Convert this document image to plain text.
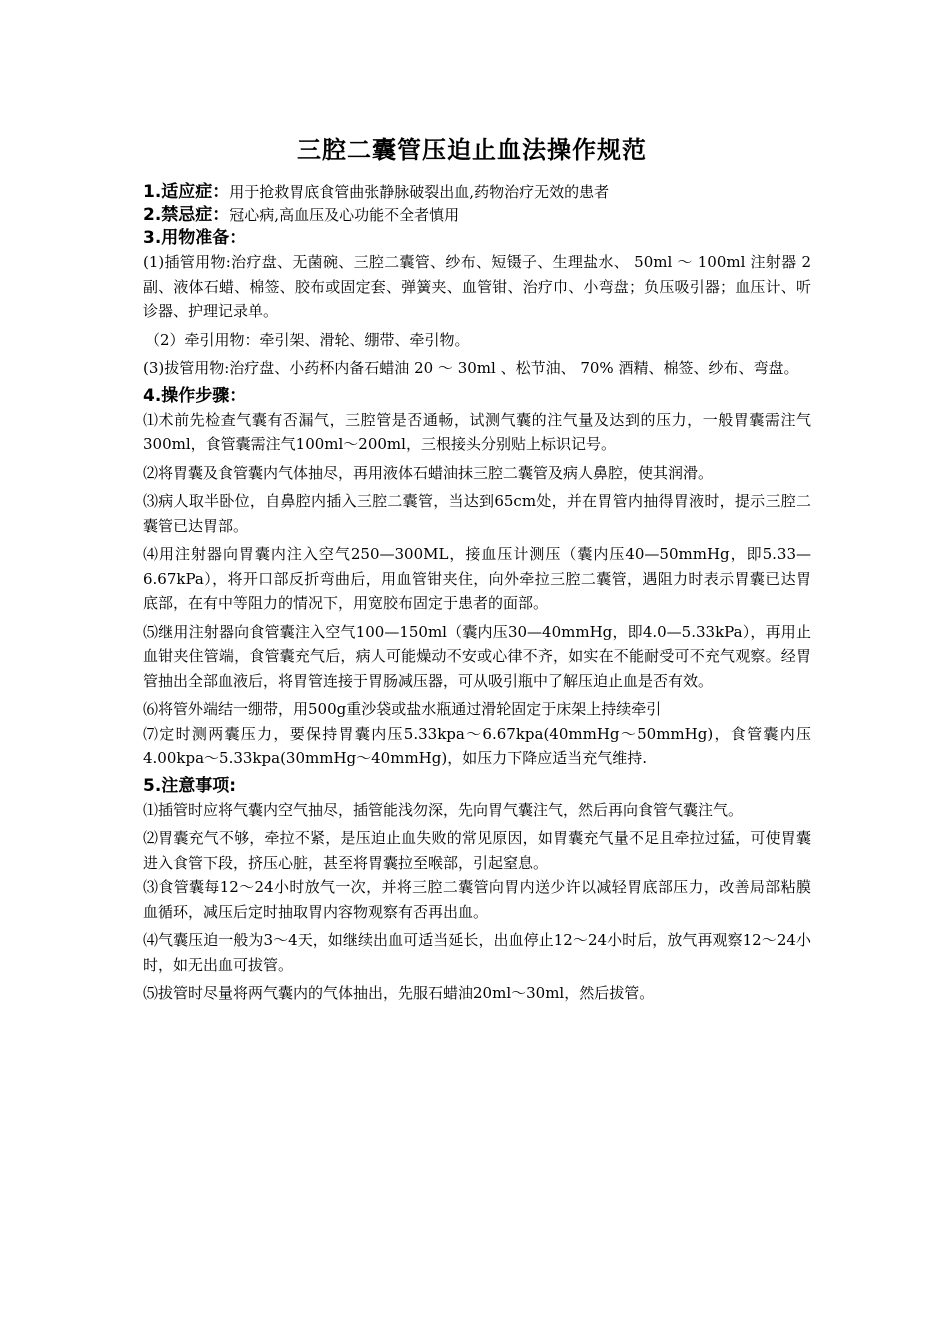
三腔二囊管压迫止血法操作规范
1.适应症：用于抢救胃底食管曲张静脉破裂出血,药物治疗无效的患者
2.禁忌症：冠心病,高血压及心功能不全者慎用
3.用物准备：

(1)插管用物:治疗盘、无菌碗、三腔二囊管、纱布、短镊子、生理盐水、 50ml ～ 100ml 注射器 2 副、液体石蜡、棉签、胶布或固定套、弹簧夹、血管钳、治疗巾、小弯盘；负压吸引器；血压计、听诊器、护理记录单。

（2）牵引用物：牵引架、滑轮、绷带、牵引物。

(3)拔管用物:治疗盘、小药杯内备石蜡油 20 ～ 30ml 、松节油、 70% 酒精、棉签、纱布、弯盘。

4.操作步骤：

⑴术前先检查气囊有否漏气，三腔管是否通畅，试测气囊的注气量及达到的压力，一般胃囊需注气300ml，食管囊需注气100ml～200ml，三根接头分别贴上标识记号。

⑵将胃囊及食管囊内气体抽尽，再用液体石蜡油抹三腔二囊管及病人鼻腔，使其润滑。

⑶病人取半卧位，自鼻腔内插入三腔二囊管，当达到65cm处，并在胃管内抽得胃液时，提示三腔二囊管已达胃部。

⑷用注射器向胃囊内注入空气250—300ML，接血压计测压（囊内压40—50mmHg，即5.33—6.67kPa），将开口部反折弯曲后，用血管钳夹住，向外牵拉三腔二囊管，遇阻力时表示胃囊已达胃底部，在有中等阻力的情况下，用宽胶布固定于患者的面部。

⑸继用注射器向食管囊注入空气100—150ml（囊内压30—40mmHg，即4.0—5.33kPa），再用止血钳夹住管端，食管囊充气后，病人可能燥动不安或心律不齐，如实在不能耐受可不充气观察。经胃管抽出全部血液后，将胃管连接于胃肠减压器，可从吸引瓶中了解压迫止血是否有效。

⑹将管外端结一绷带，用500g重沙袋或盐水瓶通过滑轮固定于床架上持续牵引

⑺定时测两囊压力，要保持胃囊内压5.33kpa～6.67kpa(40mmHg～50mmHg)，食管囊内压4.00kpa～5.33kpa(30mmHg～40mmHg)，如压力下降应适当充气维持.

5.注意事项:

⑴插管时应将气囊内空气抽尽，插管能浅勿深，先向胃气囊注气，然后再向食管气囊注气。

⑵胃囊充气不够，牵拉不紧，是压迫止血失败的常见原因，如胃囊充气量不足且牵拉过猛，可使胃囊进入食管下段，挤压心脏，甚至将胃囊拉至喉部，引起窒息。

⑶食管囊每12～24小时放气一次，并将三腔二囊管向胃内送少许以减轻胃底部压力，改善局部粘膜血循环，减压后定时抽取胃内容物观察有否再出血。

⑷气囊压迫一般为3～4天，如继续出血可适当延长，出血停止12～24小时后，放气再观察12～24小时，如无出血可拔管。

⑸拔管时尽量将两气囊内的气体抽出，先服石蜡油20ml～30ml，然后拔管。
